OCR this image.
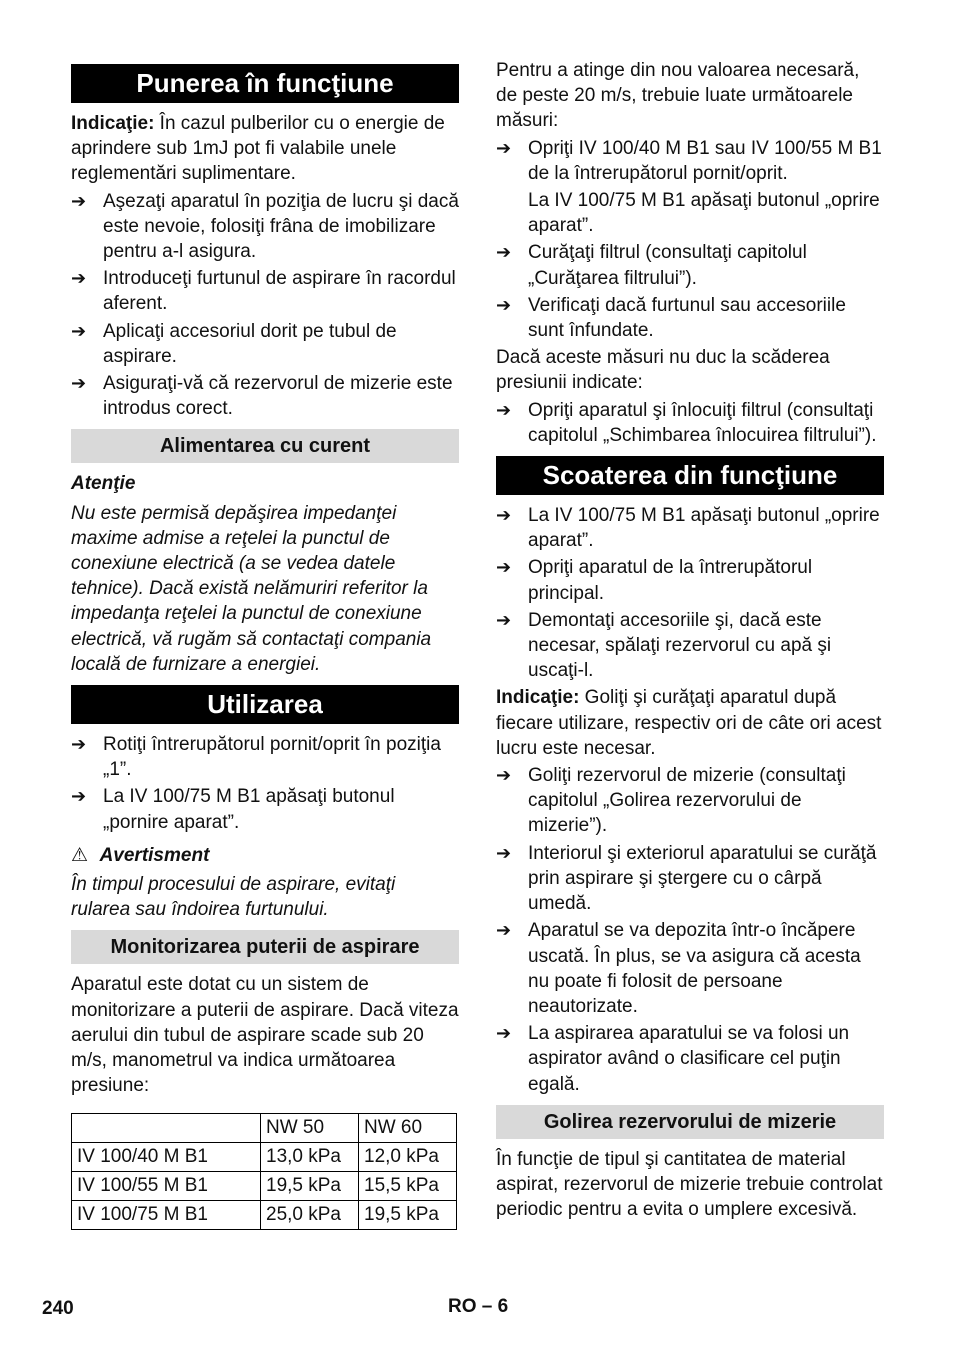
Punerea în funcţiune

Indicaţie: În cazul pulberilor cu o energie de aprindere sub 1mJ pot fi valabile unele reglementări suplimentare.

➔ Aşezaţi aparatul în poziţia de lucru şi dacă este nevoie, folosiţi frâna de imobilizare pentru a-l asigura.
➔ Introduceţi furtunul de aspirare în racordul aferent.
➔ Aplicaţi accesoriul dorit pe tubul de aspirare.
➔ Asiguraţi-vă că rezervorul de mizerie este introdus corect.
Alimentarea cu curent

Atenţie

Nu este permisă depăşirea impedanţei maxime admise a reţelei la punctul de conexiune electrică (a se vedea datele tehnice). Dacă există nelămuriri referitor la impedanţa reţelei la punctul de conexiune electrică, vă rugăm să contactaţi compania locală de furnizare a energiei.

Utilizarea
➔ Rotiţi întrerupătorul pornit/oprit în poziţia „1”.
➔ La IV 100/75 M B1 apăsaţi butonul „pornire aparat”.

⚠ Avertisment

În timpul procesului de aspirare, evitaţi rularea sau îndoirea furtunului.

Monitorizarea puterii de aspirare

Aparatul este dotat cu un sistem de monitorizare a puterii de aspirare. Dacă viteza aerului din tubul de aspirare scade sub 20 m/s, manometrul va indica următoarea presiune:

	NW 50	NW 60
IV 100/40 M B1	13,0 kPa	12,0 kPa
IV 100/55 M B1	19,5 kPa	15,5 kPa
IV 100/75 M B1	25,0 kPa	19,5 kPa

Pentru a atinge din nou valoarea necesară, de peste 20 m/s, trebuie luate următoarele măsuri:

➔ Opriţi IV 100/40 M B1 sau IV 100/55 M B1 de la întrerupătorul pornit/oprit.

La IV 100/75 M B1 apăsaţi butonul „oprire aparat”.

➔ Curăţaţi filtrul (consultaţi capitolul „Curăţarea filtrului”).
➔ Verificaţi dacă furtunul sau accesoriile sunt înfundate.

Dacă aceste măsuri nu duc la scăderea presiunii indicate:

➔ Opriţi aparatul şi înlocuiţi filtrul (consultaţi capitolul „Schimbarea înlocuirea filtrului”).
Scoaterea din funcţiune
➔ La IV 100/75 M B1 apăsaţi butonul „oprire aparat”.
➔ Opriţi aparatul de la întrerupătorul principal.
➔ Demontaţi accesoriile şi, dacă este necesar, spălaţi rezervorul cu apă şi uscaţi-l.

Indicaţie: Goliţi şi curăţaţi aparatul după fiecare utilizare, respectiv ori de câte ori acest lucru este necesar.

➔ Goliţi rezervorul de mizerie (consultaţi capitolul „Golirea rezervorului de mizerie”).
➔ Interiorul şi exteriorul aparatului se curăţă prin aspirare şi ştergere cu o cârpă umedă.
➔ Aparatul se va depozita într-o încăpere uscată. În plus, se va asigura că acesta nu poate fi folosit de persoane neautorizate.
➔ La aspirarea aparatului se va folosi un aspirator având o clasificare cel puţin egală.
Golirea rezervorului de mizerie

În funcţie de tipul şi cantitatea de material aspirat, rezervorul de mizerie trebuie controlat periodic pentru a evita o umplere excesivă.

240	RO – 6
